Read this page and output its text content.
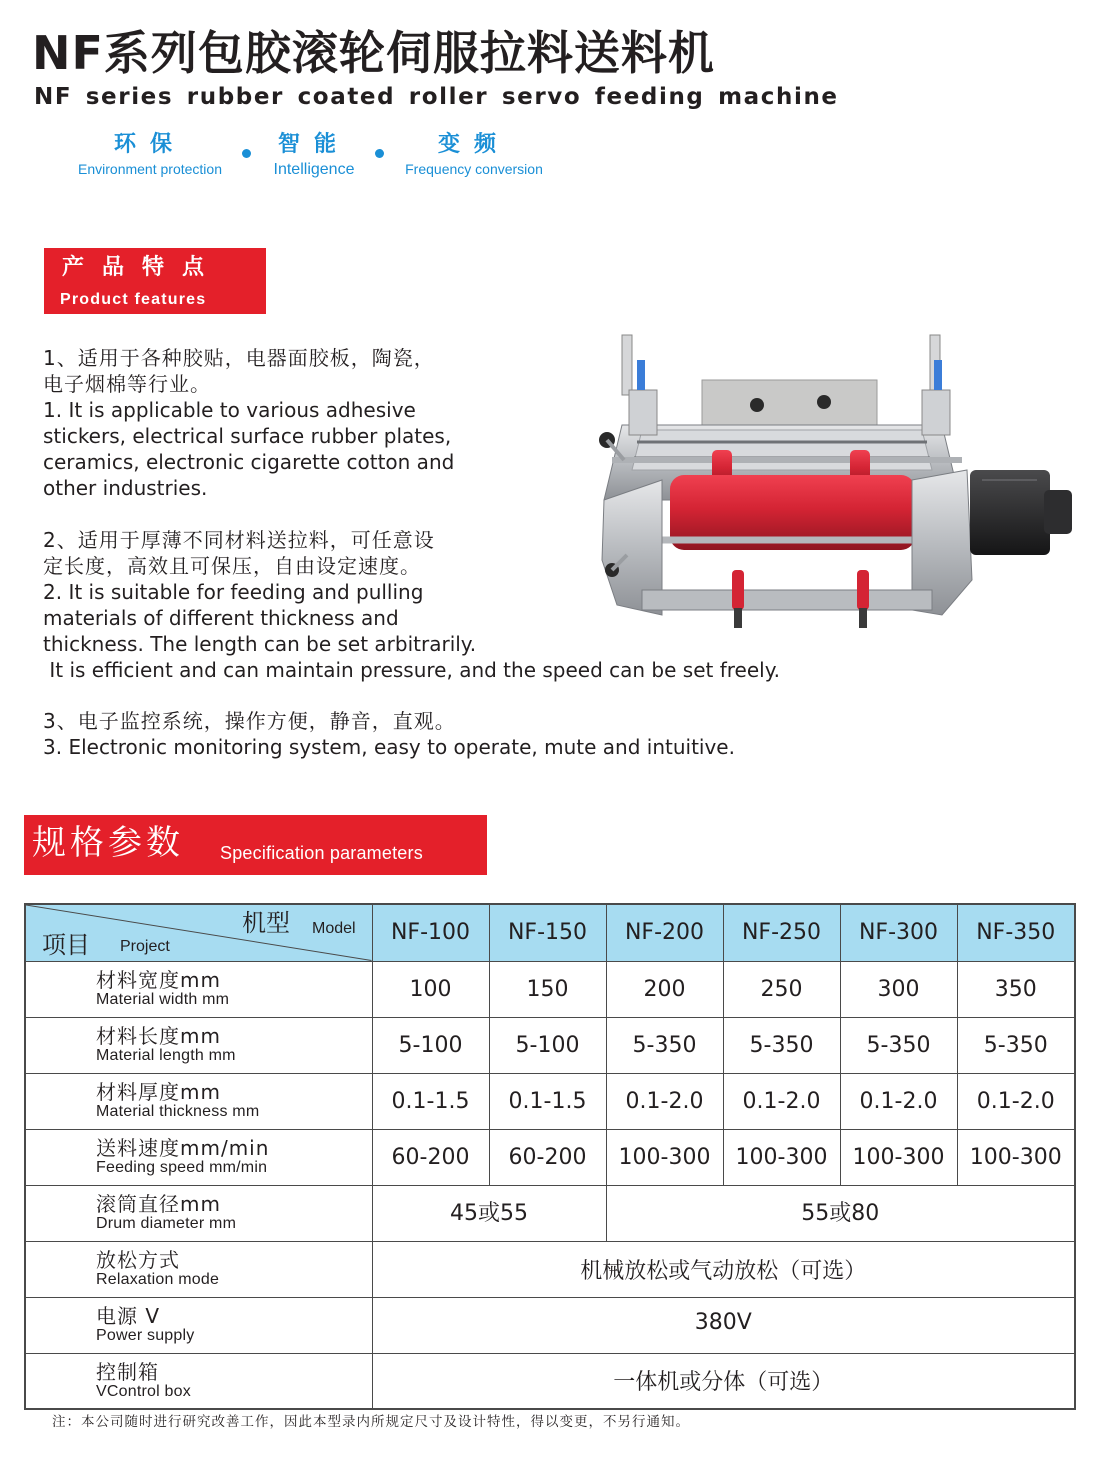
NF系列包胶滚轮伺服拉料送料机
NF series rubber coated roller servo feeding machine
环保
Environment protection
智能
Intelligence
变频
Frequency conversion
产品特点
Product features
1、适用于各种胶贴，电器面胶板，陶瓷，
电子烟棉等行业。
1. It is applicable to various adhesive
stickers, electrical surface rubber plates,
ceramics, electronic cigarette cotton and
other industries.
2、适用于厚薄不同材料送拉料，可任意设
定长度，高效且可保压，自由设定速度。
2. It is suitable for feeding and pulling
materials of different thickness and
thickness. The length can be set arbitrarily.
It is efficient and can maintain pressure, and the speed can be set freely.
3、电子监控系统，操作方便，静音，直观。
3. Electronic monitoring system, easy to operate, mute and intuitive.
规格参数 Specification parameters
项目 Project
机型 Model	NF-100	NF-150	NF-200	NF-250	NF-300	NF-350

材料宽度mm
Material width mm	100	150	200	250	300	350

材料长度mm
Material length mm	5-100	5-100	5-350	5-350	5-350	5-350

材料厚度mm
Material thickness mm	0.1-1.5	0.1-1.5	0.1-2.0	0.1-2.0	0.1-2.0	0.1-2.0

送料速度mm/min
Feeding speed mm/min	60-200	60-200	100-300	100-300	100-300	100-300

滚筒直径mm
Drum diameter mm	45或55		55或80			

放松方式
Relaxation mode	机械放松或气动放松（可选）					

电源 V
Power supply	380V					

控制箱
VControl box	一体机或分体（可选）					
注：本公司随时进行研究改善工作，因此本型录内所规定尺寸及设计特性，得以变更，不另行通知。
